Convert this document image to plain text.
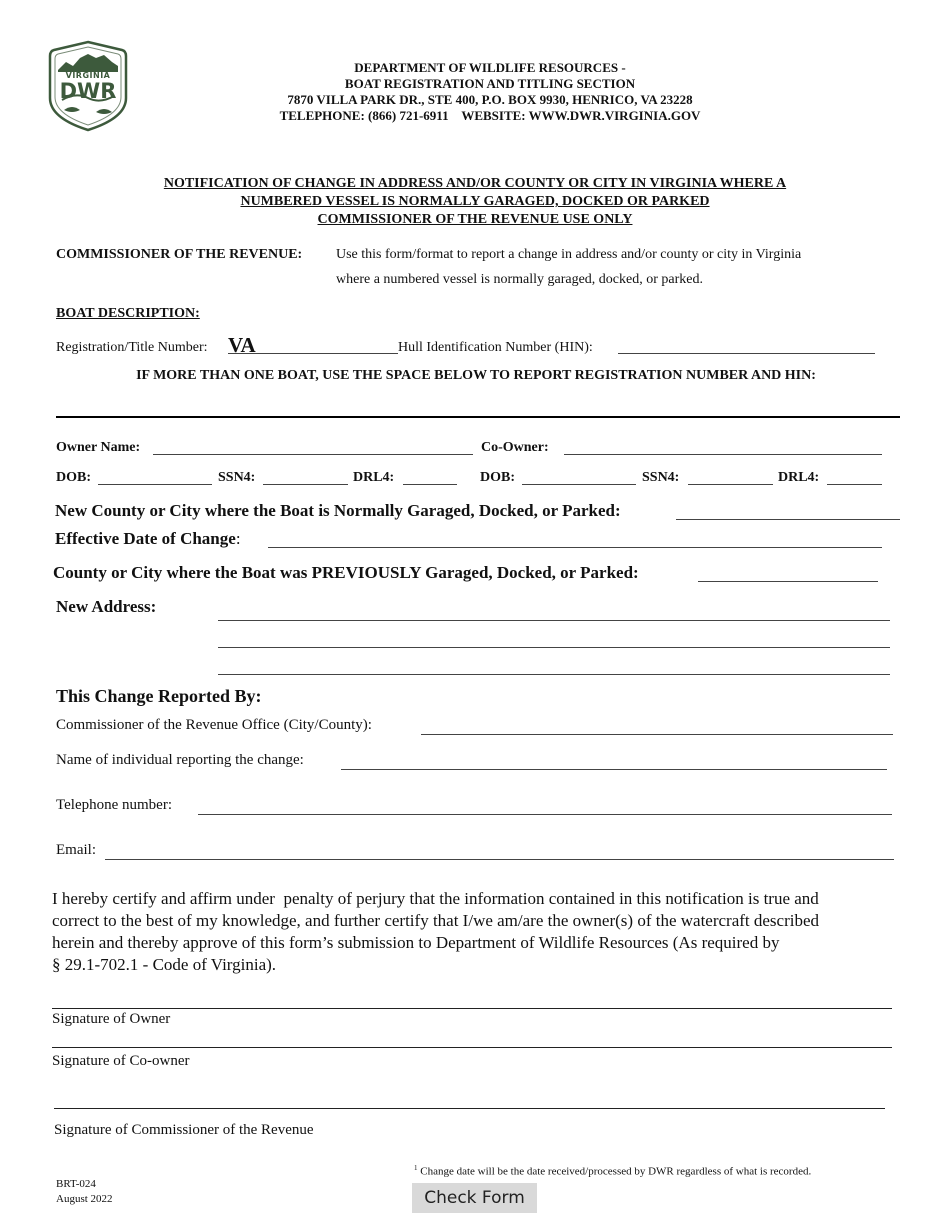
VIRGINIA
DWR
DEPARTMENT OF WILDLIFE RESOURCES -
BOAT REGISTRATION AND TITLING SECTION
7870 VILLA PARK DR., STE 400, P.O. BOX 9930, HENRICO, VA 23228
TELEPHONE: (866) 721-6911    WEBSITE: WWW.DWR.VIRGINIA.GOV
NOTIFICATION OF CHANGE IN ADDRESS AND/OR COUNTY OR CITY IN VIRGINIA WHERE A
NUMBERED VESSEL IS NORMALLY GARAGED, DOCKED OR PARKED
COMMISSIONER OF THE REVENUE USE ONLY
COMMISSIONER OF THE REVENUE: Use this form/format to report a change in address and/or county or city in Virginia
where a numbered vessel is normally garaged, docked, or parked.
BOAT DESCRIPTION:
Registration/Title Number: VA	Hull Identification Number (HIN):
IF MORE THAN ONE BOAT, USE THE SPACE BELOW TO REPORT REGISTRATION NUMBER AND HIN:
Owner Name:	Co-Owner:
DOB:	SSN4:	DRL4:	DOB:	SSN4:	DRL4:
New County or City where the Boat is Normally Garaged, Docked, or Parked:
Effective Date of Change:
County or City where the Boat was PREVIOUSLY Garaged, Docked, or Parked:
New Address:
This Change Reported By:
Commissioner of the Revenue Office (City/County):
Name of individual reporting the change:
Telephone number:
Email:
I hereby certify and affirm under  penalty of perjury that the information contained in this notification is true and
correct to the best of my knowledge, and further certify that I/we am/are the owner(s) of the watercraft described
herein and thereby approve of this form’s submission to Department of Wildlife Resources (As required by
§ 29.1-702.1 - Code of Virginia).
Signature of Owner
Signature of Co-owner
Signature of Commissioner of the Revenue
$^1$ Change date will be the date received/processed by DWR regardless of what is recorded.
BRT-024
August 2022	Check Form
